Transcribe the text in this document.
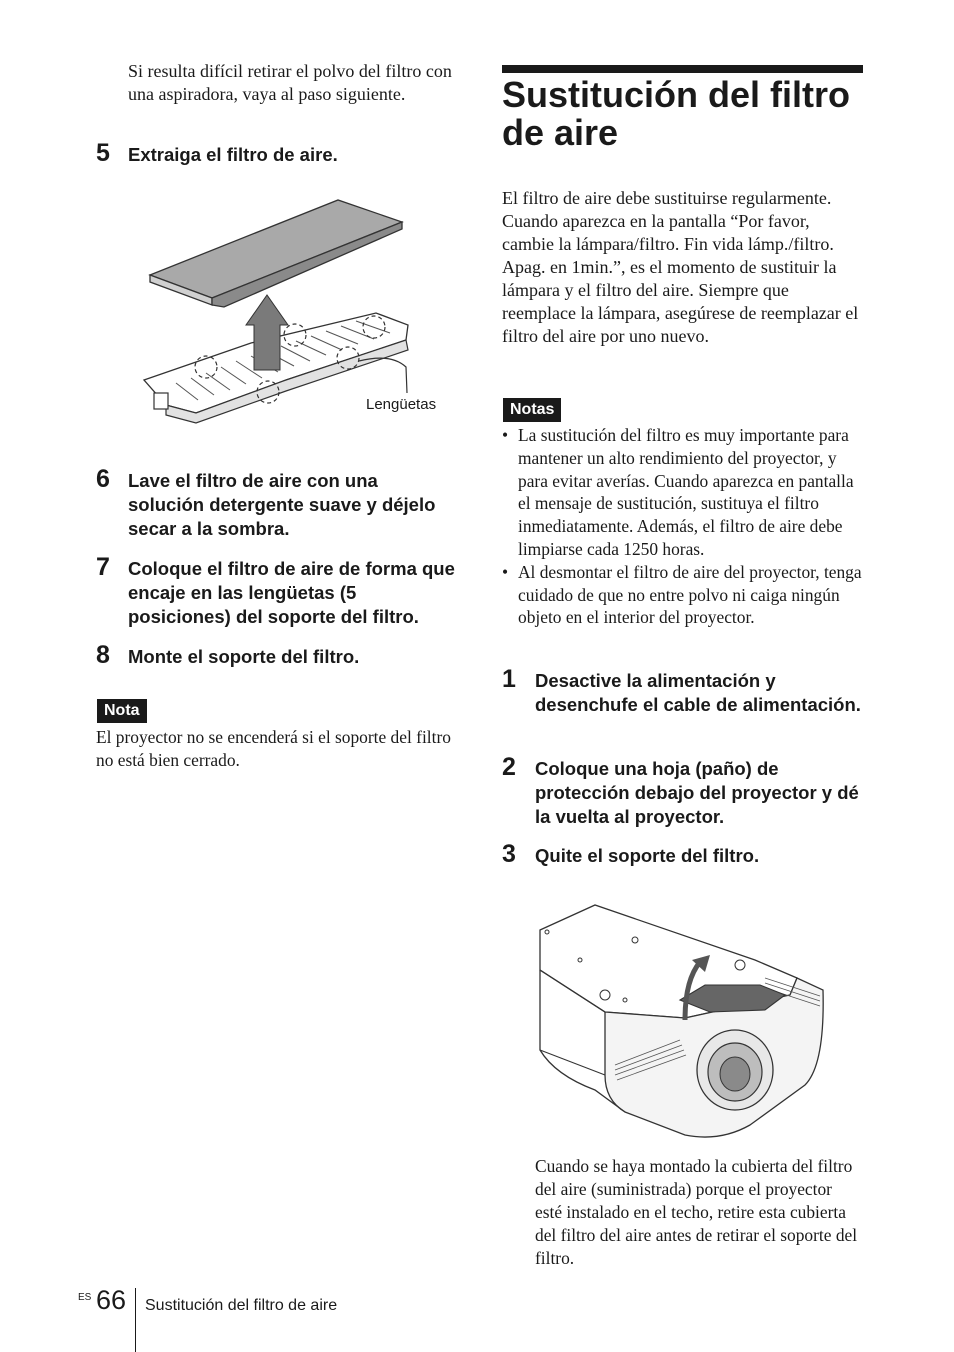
Si resulta difícil retirar el polvo del filtro con una aspiradora, vaya al paso siguiente.
5 Extraiga el filtro de aire.
Lengüetas
6 Lave el filtro de aire con una solución detergente suave y déjelo secar a la sombra.
7 Coloque el filtro de aire de forma que encaje en las lengüetas (5 posiciones) del soporte del filtro.
8 Monte el soporte del filtro.
Nota
El proyector no se encenderá si el soporte del filtro no está bien cerrado.
Sustitución del filtro de aire
El filtro de aire debe sustituirse regularmente. Cuando aparezca en la pantalla “Por favor, cambie la lámpara/filtro. Fin vida lámp./filtro. Apag. en 1min.”, es el momento de sustituir la lámpara y el filtro del aire. Siempre que reemplace la lámpara, asegúrese de reemplazar el filtro del aire por uno nuevo.
Notas
• La sustitución del filtro es muy importante para mantener un alto rendimiento del proyector, y para evitar averías. Cuando aparezca en pantalla el mensaje de sustitución, sustituya el filtro inmediatamente. Además, el filtro de aire debe limpiarse cada 1250 horas.
• Al desmontar el filtro de aire del proyector, tenga cuidado de que no entre polvo ni caiga ningún objeto en el interior del proyector.
1 Desactive la alimentación y desenchufe el cable de alimentación.
2 Coloque una hoja (paño) de protección debajo del proyector y dé la vuelta al proyector.
3 Quite el soporte del filtro.
Cuando se haya montado la cubierta del filtro del aire (suministrada) porque el proyector esté instalado en el techo, retire esta cubierta del filtro del aire antes de retirar el soporte del filtro.
ES 66 Sustitución del filtro de aire
